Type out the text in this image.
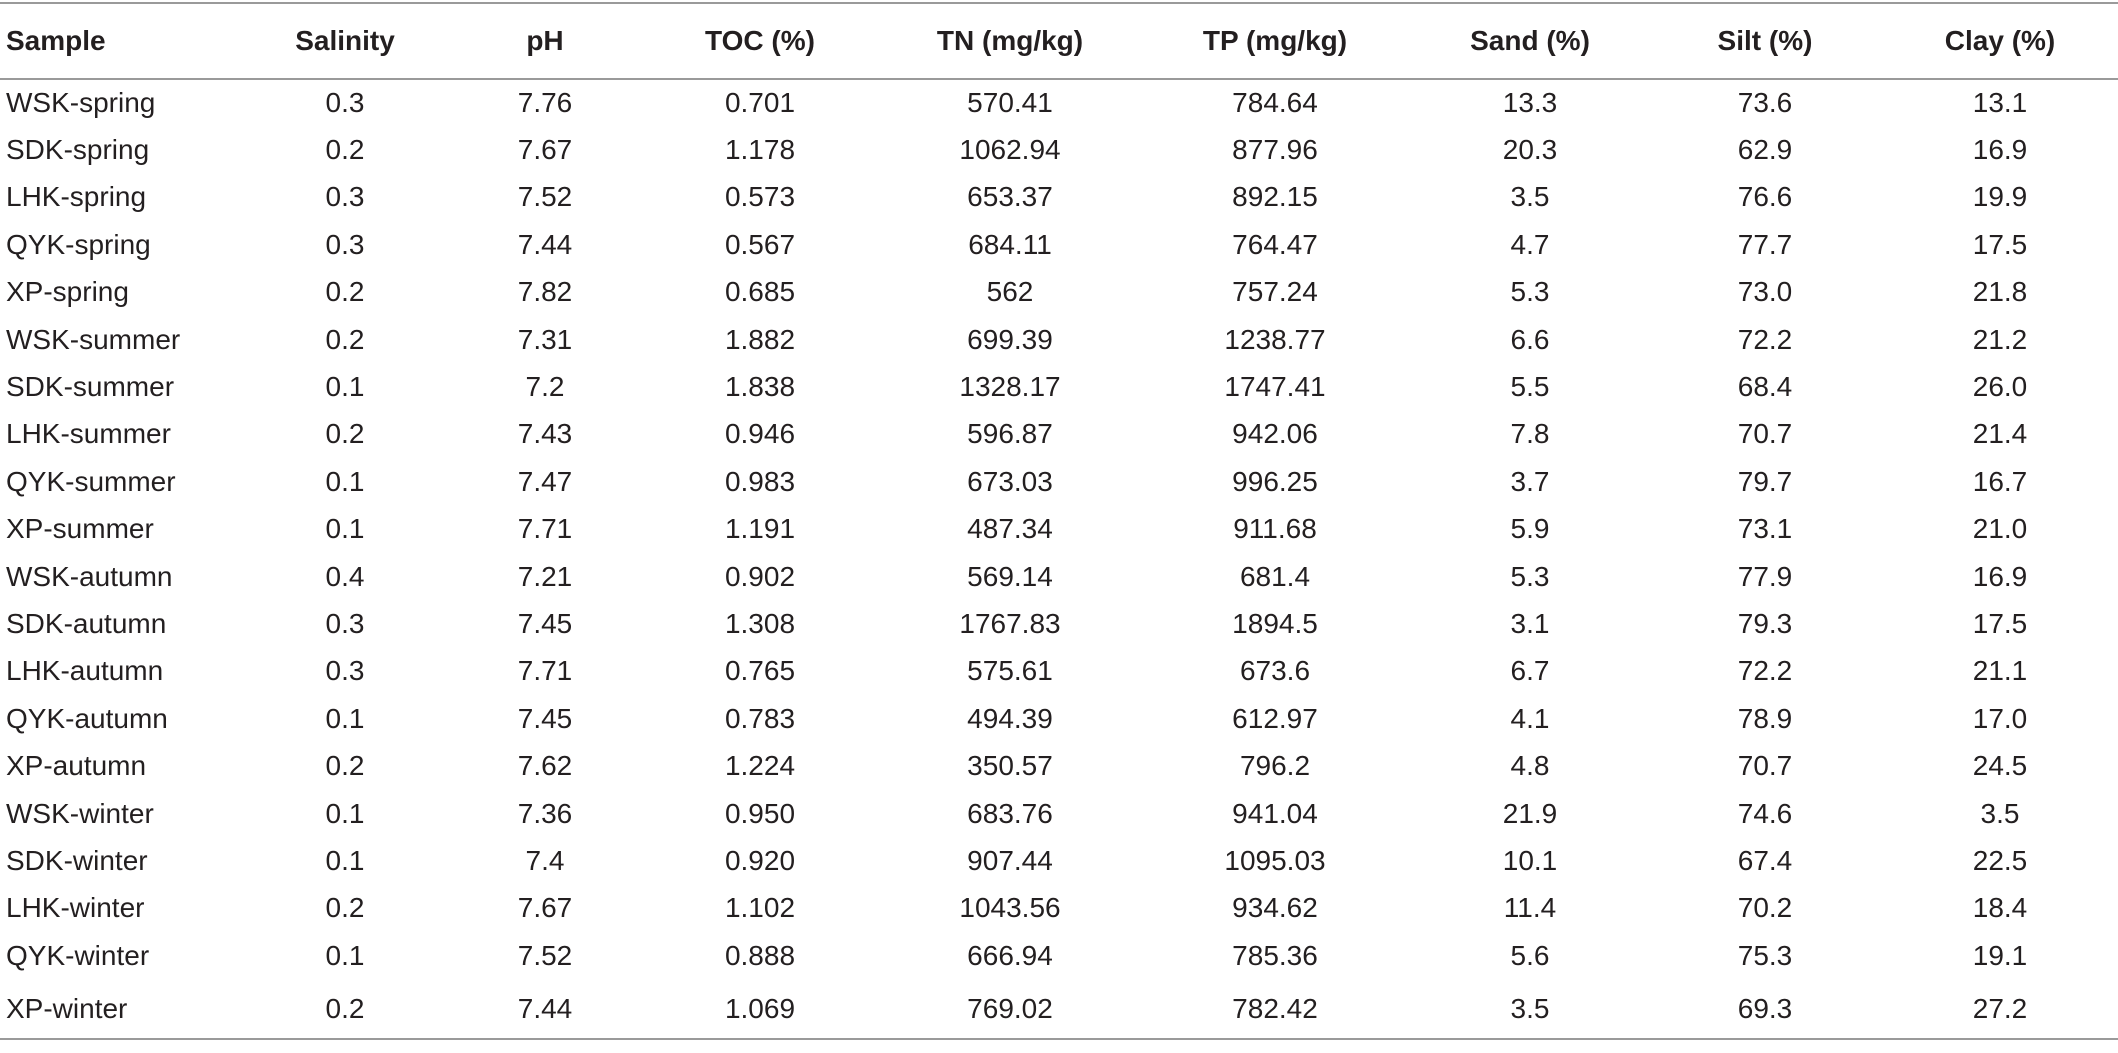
Sample	Salinity	pH	TOC (%)	TN (mg/kg)	TP (mg/kg)	Sand (%)	Silt (%)	Clay (%)	
WSK-spring	0.3	7.76	0.701	570.41	784.64	13.3	73.6	13.1	
SDK-spring	0.2	7.67	1.178	1062.94	877.96	20.3	62.9	16.9	
LHK-spring	0.3	7.52	0.573	653.37	892.15	3.5	76.6	19.9	
QYK-spring	0.3	7.44	0.567	684.11	764.47	4.7	77.7	17.5	
XP-spring	0.2	7.82	0.685	562	757.24	5.3	73.0	21.8	
WSK-summer	0.2	7.31	1.882	699.39	1238.77	6.6	72.2	21.2	
SDK-summer	0.1	7.2	1.838	1328.17	1747.41	5.5	68.4	26.0	
LHK-summer	0.2	7.43	0.946	596.87	942.06	7.8	70.7	21.4	
QYK-summer	0.1	7.47	0.983	673.03	996.25	3.7	79.7	16.7	
XP-summer	0.1	7.71	1.191	487.34	911.68	5.9	73.1	21.0	
WSK-autumn	0.4	7.21	0.902	569.14	681.4	5.3	77.9	16.9	
SDK-autumn	0.3	7.45	1.308	1767.83	1894.5	3.1	79.3	17.5	
LHK-autumn	0.3	7.71	0.765	575.61	673.6	6.7	72.2	21.1	
QYK-autumn	0.1	7.45	0.783	494.39	612.97	4.1	78.9	17.0	
XP-autumn	0.2	7.62	1.224	350.57	796.2	4.8	70.7	24.5	
WSK-winter	0.1	7.36	0.950	683.76	941.04	21.9	74.6	3.5	
SDK-winter	0.1	7.4	0.920	907.44	1095.03	10.1	67.4	22.5	
LHK-winter	0.2	7.67	1.102	1043.56	934.62	11.4	70.2	18.4	
QYK-winter	0.1	7.52	0.888	666.94	785.36	5.6	75.3	19.1	
XP-winter	0.2	7.44	1.069	769.02	782.42	3.5	69.3	27.2	
